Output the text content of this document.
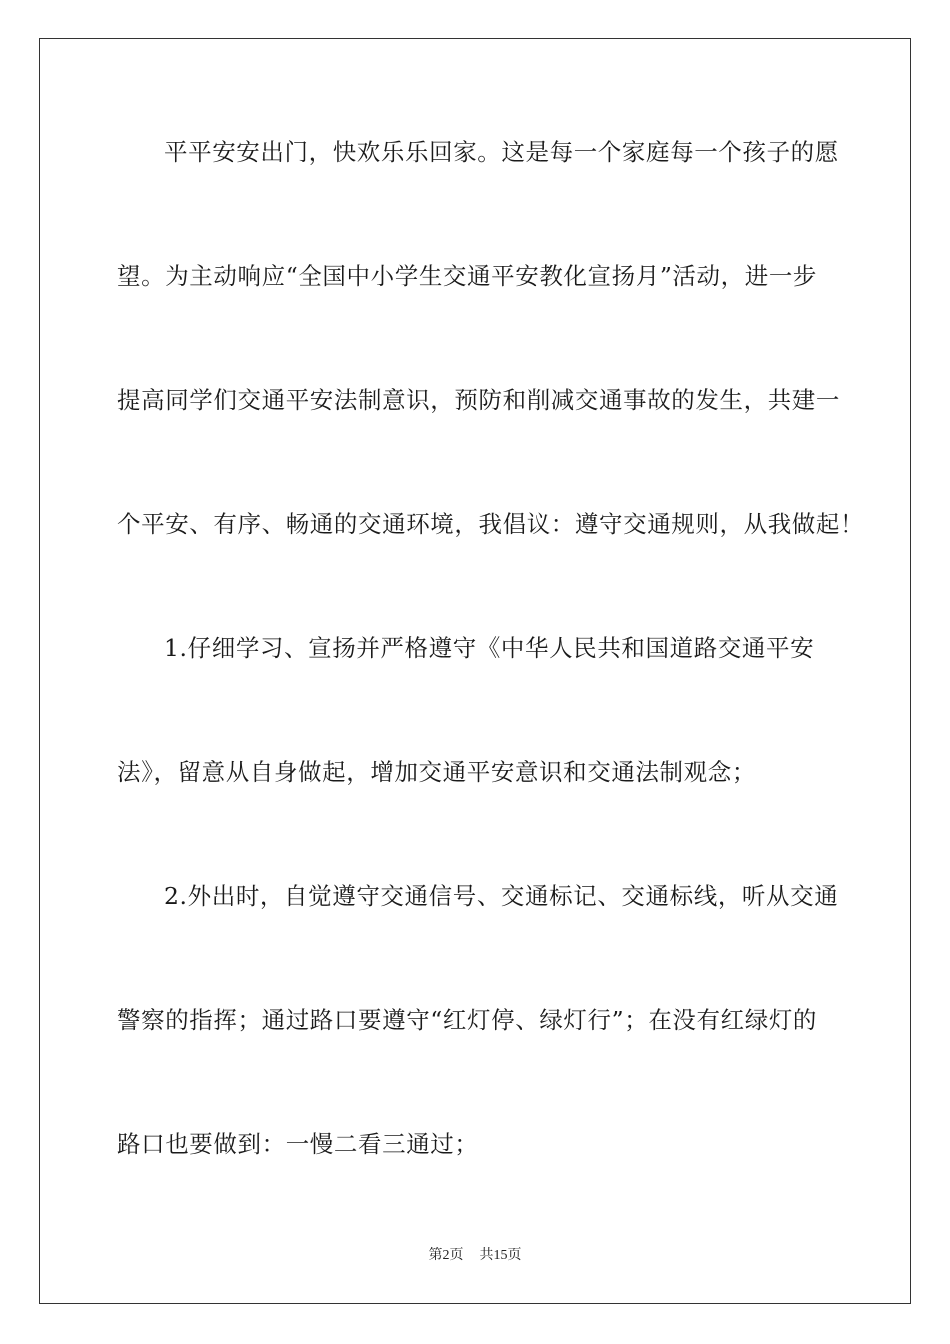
平平安安出门，快欢乐乐回家。这是每一个家庭每一个孩子的愿
望。为主动响应“全国中小学生交通平安教化宣扬月”活动，进一步
提高同学们交通平安法制意识，预防和削减交通事故的发生，共建一
个平安、有序、畅通的交通环境，我倡议：遵守交通规则，从我做起！
1.仔细学习、宣扬并严格遵守《中华人民共和国道路交通平安
法》，留意从自身做起，增加交通平安意识和交通法制观念；
2.外出时，自觉遵守交通信号、交通标记、交通标线，听从交通
警察的指挥；通过路口要遵守“红灯停、绿灯行”；在没有红绿灯的
路口也要做到：一慢二看三通过；
第2页 共15页
